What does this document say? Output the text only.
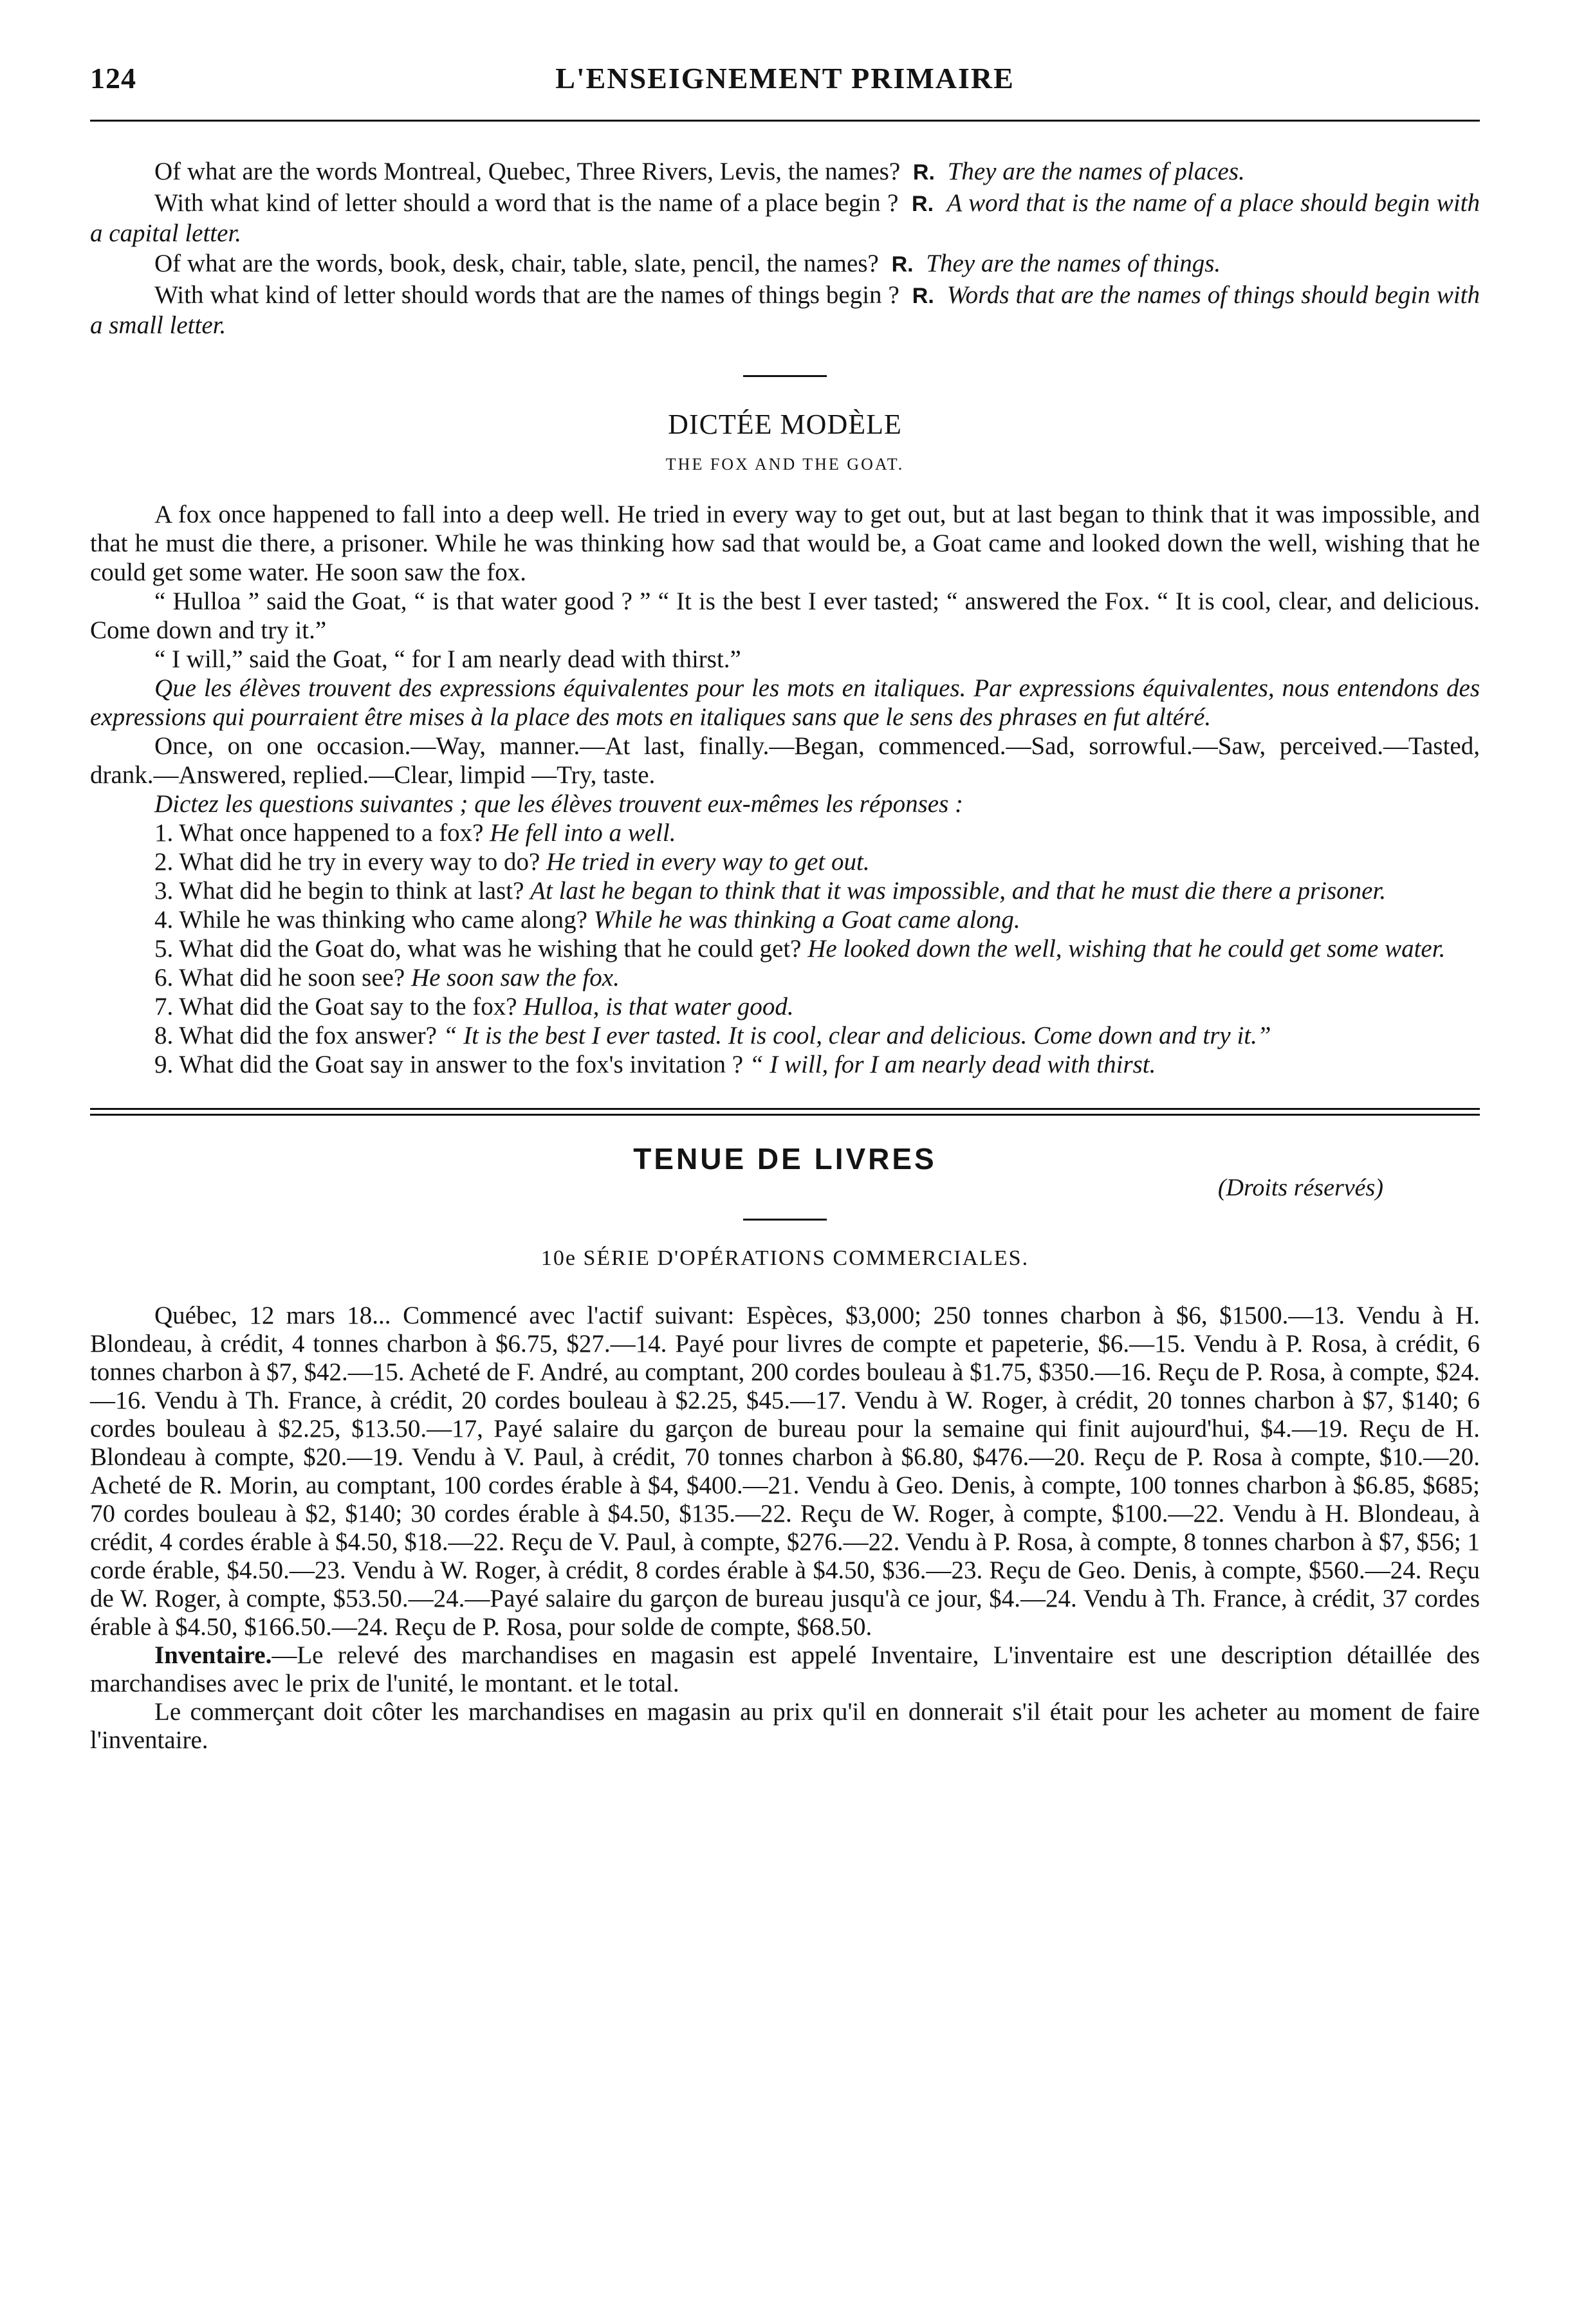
124	L'ENSEIGNEMENT PRIMAIRE

Of what are the words Montreal, Quebec, Three Rivers, Levis, the names? R. They are the names of places.

With what kind of letter should a word that is the name of a place begin ? R. A word that is the name of a place should begin with a capital letter.

Of what are the words, book, desk, chair, table, slate, pencil, the names? R. They are the names of things.

With what kind of letter should words that are the names of things begin ? R. Words that are the names of things should begin with a small letter.

DICTÉE MODÈLE
THE FOX AND THE GOAT.

A fox once happened to fall into a deep well. He tried in every way to get out, but at last began to think that it was impossible, and that he must die there, a prisoner. While he was thinking how sad that would be, a Goat came and looked down the well, wishing that he could get some water. He soon saw the fox.

“ Hulloa ” said the Goat, “ is that water good ? ” “ It is the best I ever tasted; “ answered the Fox. “ It is cool, clear, and delicious. Come down and try it.”

“ I will,” said the Goat, “ for I am nearly dead with thirst.”

Que les élèves trouvent des expressions équivalentes pour les mots en italiques. Par expressions équivalentes, nous entendons des expressions qui pourraient être mises à la place des mots en italiques sans que le sens des phrases en fut altéré.

Once, on one occasion.—Way, manner.—At last, finally.—Began, commenced.—Sad, sorrowful.—Saw, perceived.—Tasted, drank.—Answered, replied.—Clear, limpid —Try, taste.

Dictez les questions suivantes ; que les élèves trouvent eux-mêmes les réponses :

1. What once happened to a fox? He fell into a well.
2. What did he try in every way to do? He tried in every way to get out.
3. What did he begin to think at last? At last he began to think that it was impossible, and that he must die there a prisoner.
4. While he was thinking who came along? While he was thinking a Goat came along.
5. What did the Goat do, what was he wishing that he could get? He looked down the well, wishing that he could get some water.
6. What did he soon see? He soon saw the fox.
7. What did the Goat say to the fox? Hulloa, is that water good.
8. What did the fox answer? “ It is the best I ever tasted. It is cool, clear and delicious. Come down and try it.”
9. What did the Goat say in answer to the fox's invitation ? “ I will, for I am nearly dead with thirst.
TENUE DE LIVRES
(Droits réservés)
10e SÉRIE D'OPÉRATIONS COMMERCIALES.

Québec, 12 mars 18... Commencé avec l'actif suivant: Espèces, $3,000; 250 tonnes charbon à $6, $1500.—13. Vendu à H. Blondeau, à crédit, 4 tonnes charbon à $6.75, $27.—14. Payé pour livres de compte et papeterie, $6.—15. Vendu à P. Rosa, à crédit, 6 tonnes charbon à $7, $42.—15. Acheté de F. André, au comptant, 200 cordes bouleau à $1.75, $350.—16. Reçu de P. Rosa, à compte, $24.—16. Vendu à Th. France, à crédit, 20 cordes bouleau à $2.25, $45.—17. Vendu à W. Roger, à crédit, 20 tonnes charbon à $7, $140; 6 cordes bouleau à $2.25, $13.50.—17, Payé salaire du garçon de bureau pour la semaine qui finit aujourd'hui, $4.—19. Reçu de H. Blondeau à compte, $20.—19. Vendu à V. Paul, à crédit, 70 tonnes charbon à $6.80, $476.—20. Reçu de P. Rosa à compte, $10.—20. Acheté de R. Morin, au comptant, 100 cordes érable à $4, $400.—21. Vendu à Geo. Denis, à compte, 100 tonnes charbon à $6.85, $685; 70 cordes bouleau à $2, $140; 30 cordes érable à $4.50, $135.—22. Reçu de W. Roger, à compte, $100.—22. Vendu à H. Blondeau, à crédit, 4 cordes érable à $4.50, $18.—22. Reçu de V. Paul, à compte, $276.—22. Vendu à P. Rosa, à compte, 8 tonnes charbon à $7, $56; 1 corde érable, $4.50.—23. Vendu à W. Roger, à crédit, 8 cordes érable à $4.50, $36.—23. Reçu de Geo. Denis, à compte, $560.—24. Reçu de W. Roger, à compte, $53.50.—24.—Payé salaire du garçon de bureau jusqu'à ce jour, $4.—24. Vendu à Th. France, à crédit, 37 cordes érable à $4.50, $166.50.—24. Reçu de P. Rosa, pour solde de compte, $68.50.

Inventaire.—Le relevé des marchandises en magasin est appelé Inventaire, L'inventaire est une description détaillée des marchandises avec le prix de l'unité, le montant. et le total.

Le commerçant doit côter les marchandises en magasin au prix qu'il en donnerait s'il était pour les acheter au moment de faire l'inventaire.
